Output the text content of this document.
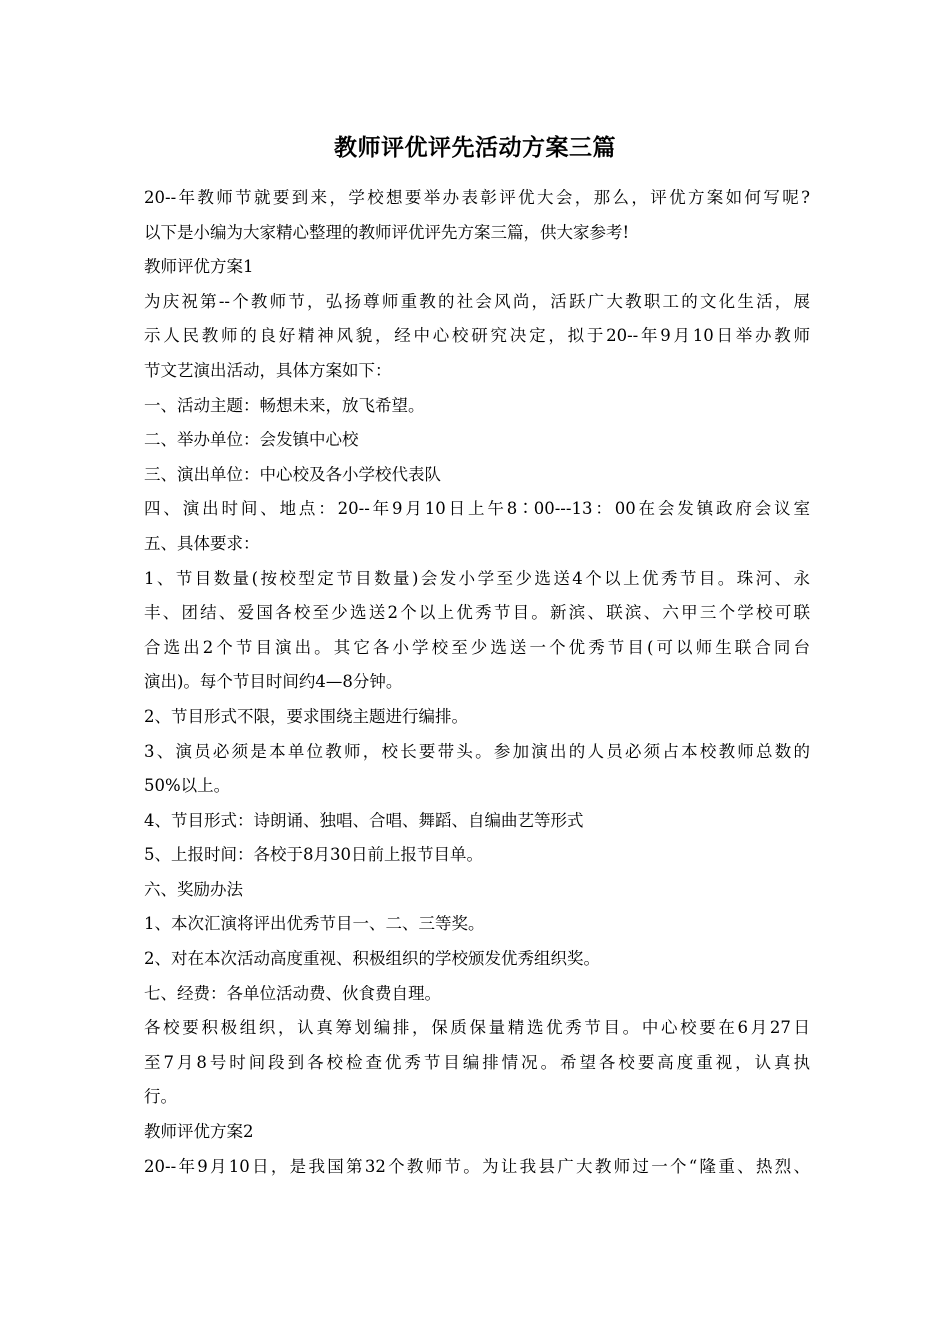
教师评优评先活动方案三篇
20--年教师节就要到来，学校想要举办表彰评优大会，那么，评优方案如何写呢?
以下是小编为大家精心整理的教师评优评先方案三篇，供大家参考!
教师评优方案1
为庆祝第--个教师节，弘扬尊师重教的社会风尚，活跃广大教职工的文化生活，展
示人民教师的良好精神风貌，经中心校研究决定，拟于20--年9月10日举办教师
节文艺演出活动，具体方案如下：
一、活动主题：畅想未来，放飞希望。
二、举办单位：会发镇中心校
三、演出单位：中心校及各小学校代表队
四、演出时间、地点：20--年9月10日上午8∶00---13：00在会发镇政府会议室
五、具体要求：
1、节目数量(按校型定节目数量)会发小学至少选送4个以上优秀节目。珠河、永
丰、团结、爱国各校至少选送2个以上优秀节目。新滨、联滨、六甲三个学校可联
合选出2个节目演出。其它各小学校至少选送一个优秀节目(可以师生联合同台
演出)。每个节目时间约4—8分钟。
2、节目形式不限，要求围绕主题进行编排。
3、演员必须是本单位教师，校长要带头。参加演出的人员必须占本校教师总数的
50%以上。
4、节目形式：诗朗诵、独唱、合唱、舞蹈、自编曲艺等形式
5、上报时间：各校于8月30日前上报节目单。
六、奖励办法
1、本次汇演将评出优秀节目一、二、三等奖。
2、对在本次活动高度重视、积极组织的学校颁发优秀组织奖。
七、经费：各单位活动费、伙食费自理。
各校要积极组织，认真筹划编排，保质保量精选优秀节目。中心校要在6月27日
至7月8号时间段到各校检查优秀节目编排情况。希望各校要高度重视，认真执
行。
教师评优方案2
20--年9月10日，是我国第32个教师节。为让我县广大教师过一个“隆重、热烈、
